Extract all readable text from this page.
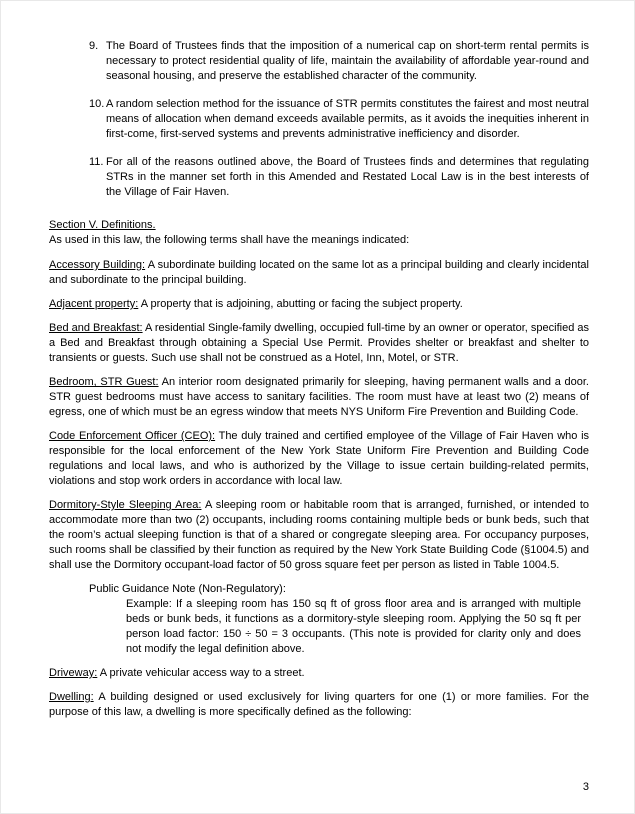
9. The Board of Trustees finds that the imposition of a numerical cap on short-term rental permits is necessary to protect residential quality of life, maintain the availability of affordable year-round and seasonal housing, and preserve the established character of the community.

10. A random selection method for the issuance of STR permits constitutes the fairest and most neutral means of allocation when demand exceeds available permits, as it avoids the inequities inherent in first-come, first-served systems and prevents administrative inefficiency and disorder.

11. For all of the reasons outlined above, the Board of Trustees finds and determines that regulating STRs in the manner set forth in this Amended and Restated Local Law is in the best interests of the Village of Fair Haven.

Section V. Definitions.

As used in this law, the following terms shall have the meanings indicated:

Accessory Building: A subordinate building located on the same lot as a principal building and clearly incidental and subordinate to the principal building.

Adjacent property: A property that is adjoining, abutting or facing the subject property.

Bed and Breakfast: A residential Single-family dwelling, occupied full-time by an owner or operator, specified as a Bed and Breakfast through obtaining a Special Use Permit. Provides shelter or breakfast and shelter to transients or guests. Such use shall not be construed as a Hotel, Inn, Motel, or STR.

Bedroom, STR Guest: An interior room designated primarily for sleeping, having permanent walls and a door. STR guest bedrooms must have access to sanitary facilities. The room must have at least two (2) means of egress, one of which must be an egress window that meets NYS Uniform Fire Prevention and Building Code.

Code Enforcement Officer (CEO): The duly trained and certified employee of the Village of Fair Haven who is responsible for the local enforcement of the New York State Uniform Fire Prevention and Building Code regulations and local laws, and who is authorized by the Village to issue certain building-related permits, violations and stop work orders in accordance with local law.

Dormitory-Style Sleeping Area: A sleeping room or habitable room that is arranged, furnished, or intended to accommodate more than two (2) occupants, including rooms containing multiple beds or bunk beds, such that the room’s actual sleeping function is that of a shared or congregate sleeping area. For occupancy purposes, such rooms shall be classified by their function as required by the New York State Building Code (§1004.5) and shall use the Dormitory occupant-load factor of 50 gross square feet per person as listed in Table 1004.5.

Public Guidance Note (Non-Regulatory):

Example: If a sleeping room has 150 sq ft of gross floor area and is arranged with multiple beds or bunk beds, it functions as a dormitory-style sleeping room. Applying the 50 sq ft per person load factor: 150 ÷ 50 = 3 occupants. (This note is provided for clarity only and does not modify the legal definition above.

Driveway: A private vehicular access way to a street.

Dwelling: A building designed or used exclusively for living quarters for one (1) or more families. For the purpose of this law, a dwelling is more specifically defined as the following:

3
